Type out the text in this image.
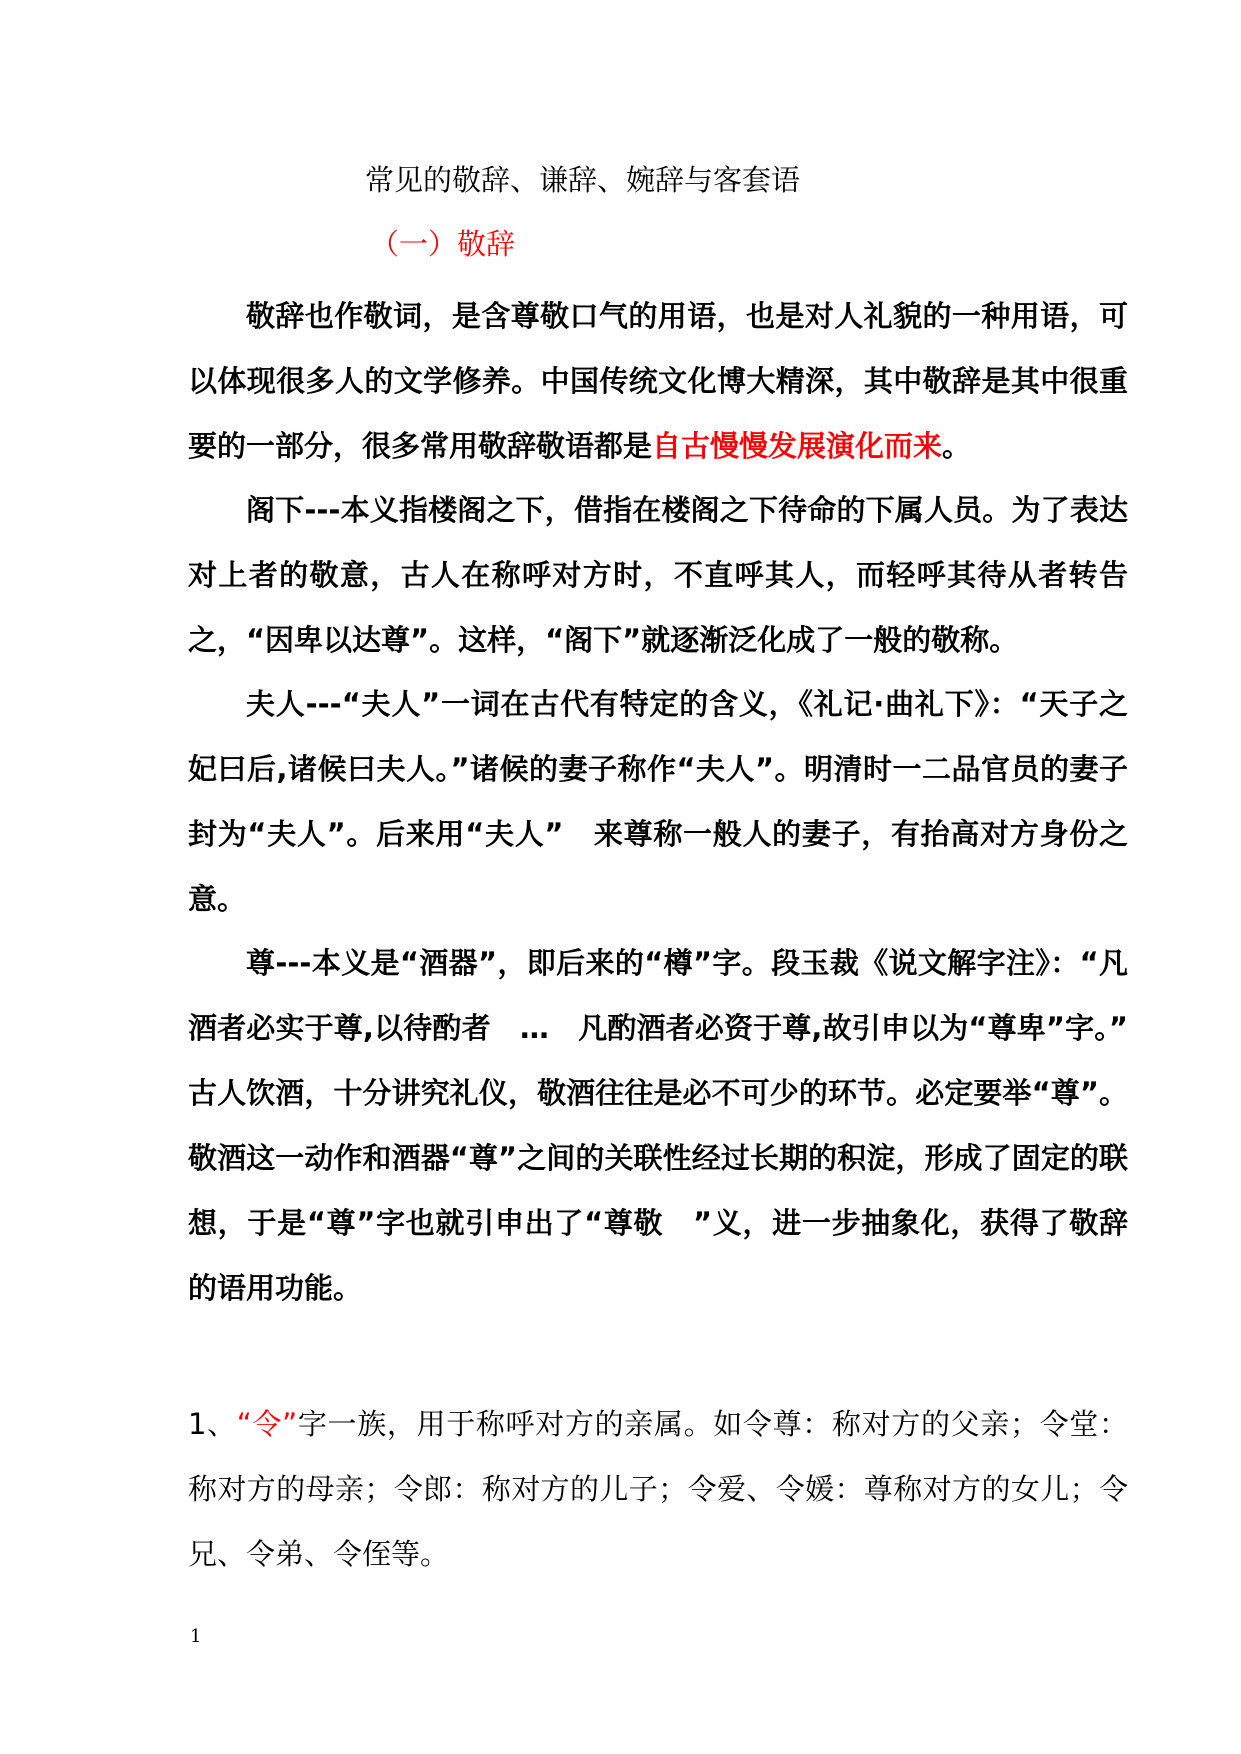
常见的敬辞、谦辞、婉辞与客套语
（一）敬辞

敬辞也作敬词，是含尊敬口气的用语，也是对人礼貌的一种用语，可以体现很多人的文学修养。中国传统文化博大精深，其中敬辞是其中很重要的一部分，很多常用敬辞敬语都是自古慢慢发展演化而来。

阁下---本义指楼阁之下，借指在楼阁之下待命的下属人员。为了表达对上者的敬意，古人在称呼对方时，不直呼其人，而轻呼其待从者转告之，“因卑以达尊”。这样，“阁下”就逐渐泛化成了一般的敬称。

夫人---“夫人”一词在古代有特定的含义，《礼记·曲礼下》：“天子之妃曰后,诸候曰夫人。”诸候的妻子称作“夫人”。明清时一二品官员的妻子封为“夫人”。后来用“夫人”　来尊称一般人的妻子，有抬高对方身份之意。

尊---本义是“酒器”，即后来的“樽”字。段玉裁《说文解字注》：“凡酒者必实于尊,以待酌者　…　凡酌酒者必资于尊,故引申以为“尊卑”字。”　古人饮酒，十分讲究礼仪，敬酒往往是必不可少的环节。必定要举“尊”。敬酒这一动作和酒器“尊”之间的关联性经过长期的积淀，形成了固定的联想，于是“尊”字也就引申出了“尊敬　”义，进一步抽象化，获得了敬辞的语用功能。

1、“令”字一族，用于称呼对方的亲属。如令尊：称对方的父亲；令堂：称对方的母亲；令郎：称对方的儿子；令爱、令媛：尊称对方的女儿；令兄、令弟、令侄等。

1
